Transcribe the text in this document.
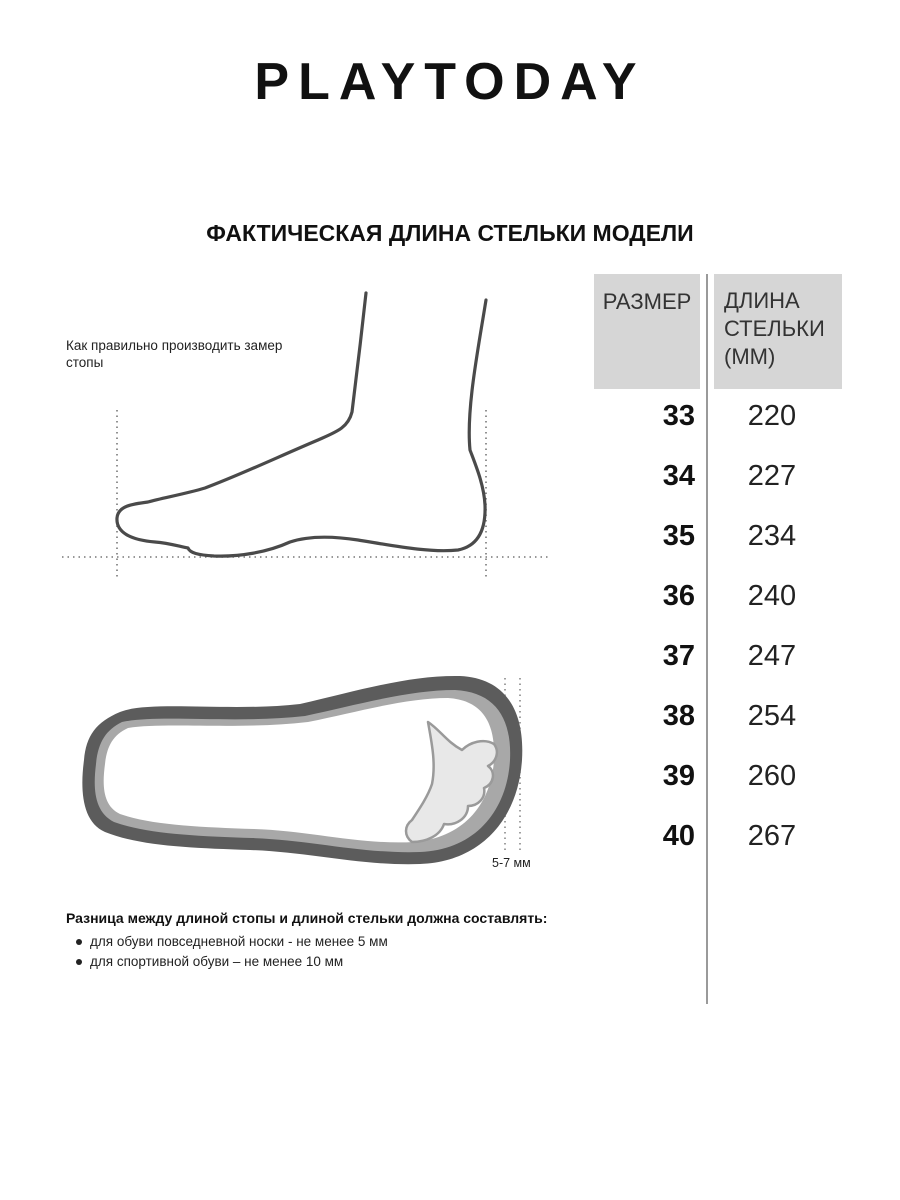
PLAYTODAY
ФАКТИЧЕСКАЯ ДЛИНА СТЕЛЬКИ МОДЕЛИ
Как правильно производить замер стопы
5-7 мм
РАЗМЕР	ДЛИНА
СТЕЛЬКИ
(ММ)
33	220
34	227
35	234
36	240
37	247
38	254
39	260
40	267
Разница между длиной стопы и длиной стельки должна составлять:
для обуви повседневной носки - не менее 5 мм
для спортивной обуви – не менее 10 мм
